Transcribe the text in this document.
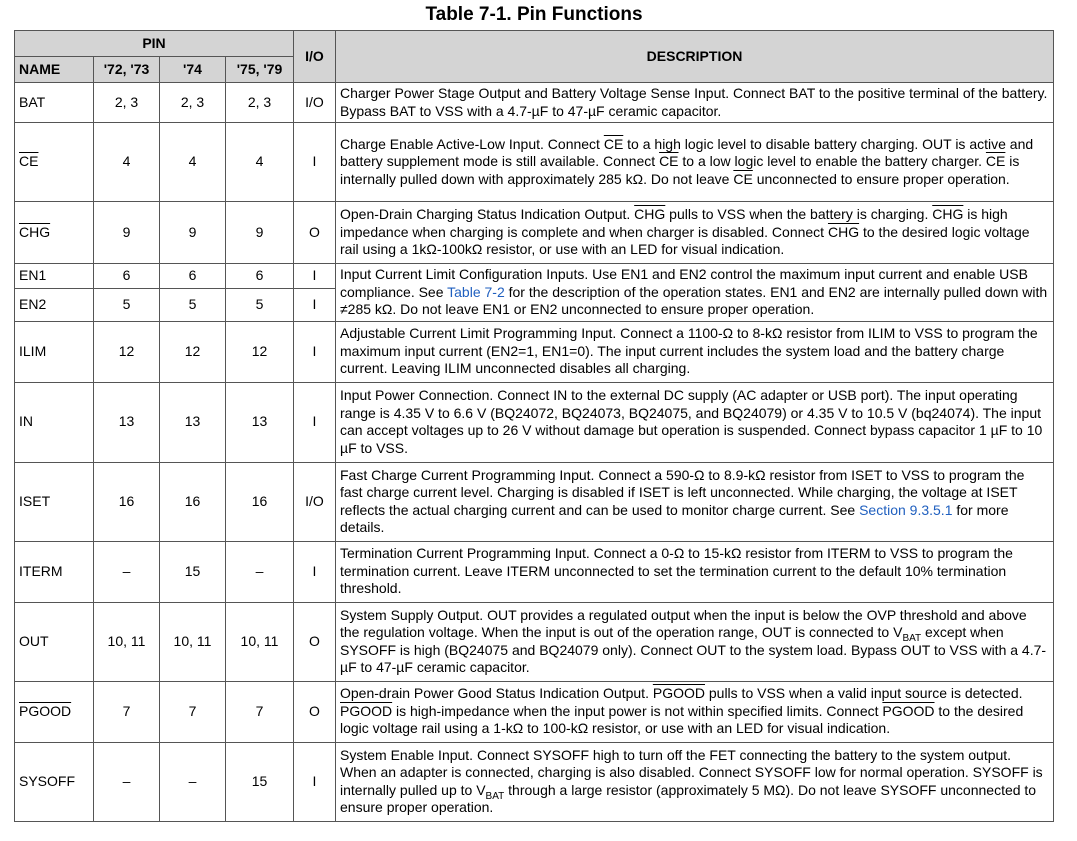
Table 7-1. Pin Functions
PIN				I/O	DESCRIPTION
NAME	'72, '73	'74	'75, '79		
BAT	2, 3	2, 3	2, 3	I/O	Charger Power Stage Output and Battery Voltage Sense Input. Connect BAT to the positive terminal of the battery. Bypass BAT to VSS with a 4.7-µF to 47-µF ceramic capacitor.
$\overline{CE}$	4	4	4	I	Charge Enable Active-Low Input. Connect $\overline{CE}$ to a high logic level to disable battery charging. OUT is active and battery supplement mode is still available. Connect $\overline{CE}$ to a low logic level to enable the battery charger. $\overline{CE}$ is internally pulled down with approximately 285 kΩ. Do not leave $\overline{CE}$ unconnected to ensure proper operation.
$\overline{CHG}$	9	9	9	O	Open-Drain Charging Status Indication Output. $\overline{CHG}$ pulls to VSS when the battery is charging. $\overline{CHG}$ is high impedance when charging is complete and when charger is disabled. Connect $\overline{CHG}$ to the desired logic voltage rail using a 1kΩ-100kΩ resistor, or use with an LED for visual indication.
EN1	6	6	6	I	Input Current Limit Configuration Inputs. Use EN1 and EN2 control the maximum input current and enable USB compliance. See Table 7-2 for the description of the operation states. EN1 and EN2 are internally pulled down with ≠285 kΩ. Do not leave EN1 or EN2 unconnected to ensure proper operation.
EN2	5	5	5	I	
ILIM	12	12	12	I	Adjustable Current Limit Programming Input. Connect a 1100-Ω to 8-kΩ resistor from ILIM to VSS to program the maximum input current (EN2=1, EN1=0). The input current includes the system load and the battery charge current. Leaving ILIM unconnected disables all charging.
IN	13	13	13	I	Input Power Connection. Connect IN to the external DC supply (AC adapter or USB port). The input operating range is 4.35 V to 6.6 V (BQ24072, BQ24073, BQ24075, and BQ24079) or 4.35 V to 10.5 V (bq24074). The input can accept voltages up to 26 V without damage but operation is suspended. Connect bypass capacitor 1 µF to 10 µF to VSS.
ISET	16	16	16	I/O	Fast Charge Current Programming Input. Connect a 590-Ω to 8.9-kΩ resistor from ISET to VSS to program the fast charge current level. Charging is disabled if ISET is left unconnected. While charging, the voltage at ISET reflects the actual charging current and can be used to monitor charge current. See Section 9.3.5.1 for more details.
ITERM	–	15	–	I	Termination Current Programming Input. Connect a 0-Ω to 15-kΩ resistor from ITERM to VSS to program the termination current. Leave ITERM unconnected to set the termination current to the default 10% termination threshold.
OUT	10, 11	10, 11	10, 11	O	System Supply Output. OUT provides a regulated output when the input is below the OVP threshold and above the regulation voltage. When the input is out of the operation range, OUT is connected to $V_{BAT}$ except when SYSOFF is high (BQ24075 and BQ24079 only). Connect OUT to the system load. Bypass OUT to VSS with a 4.7-µF to 47-µF ceramic capacitor.
PGOOD	7	7	7	O	Open-drain Power Good Status Indication Output. PGOOD pulls to VSS when a valid input source is detected. PGOOD is high-impedance when the input power is not within specified limits. Connect PGOOD to the desired logic voltage rail using a 1-kΩ to 100-kΩ resistor, or use with an LED for visual indication.
SYSOFF	–	–	15	I	System Enable Input. Connect SYSOFF high to turn off the FET connecting the battery to the system output. When an adapter is connected, charging is also disabled. Connect SYSOFF low for normal operation. SYSOFF is internally pulled up to $V_{BAT}$ through a large resistor (approximately 5 MΩ). Do not leave SYSOFF unconnected to ensure proper operation.
